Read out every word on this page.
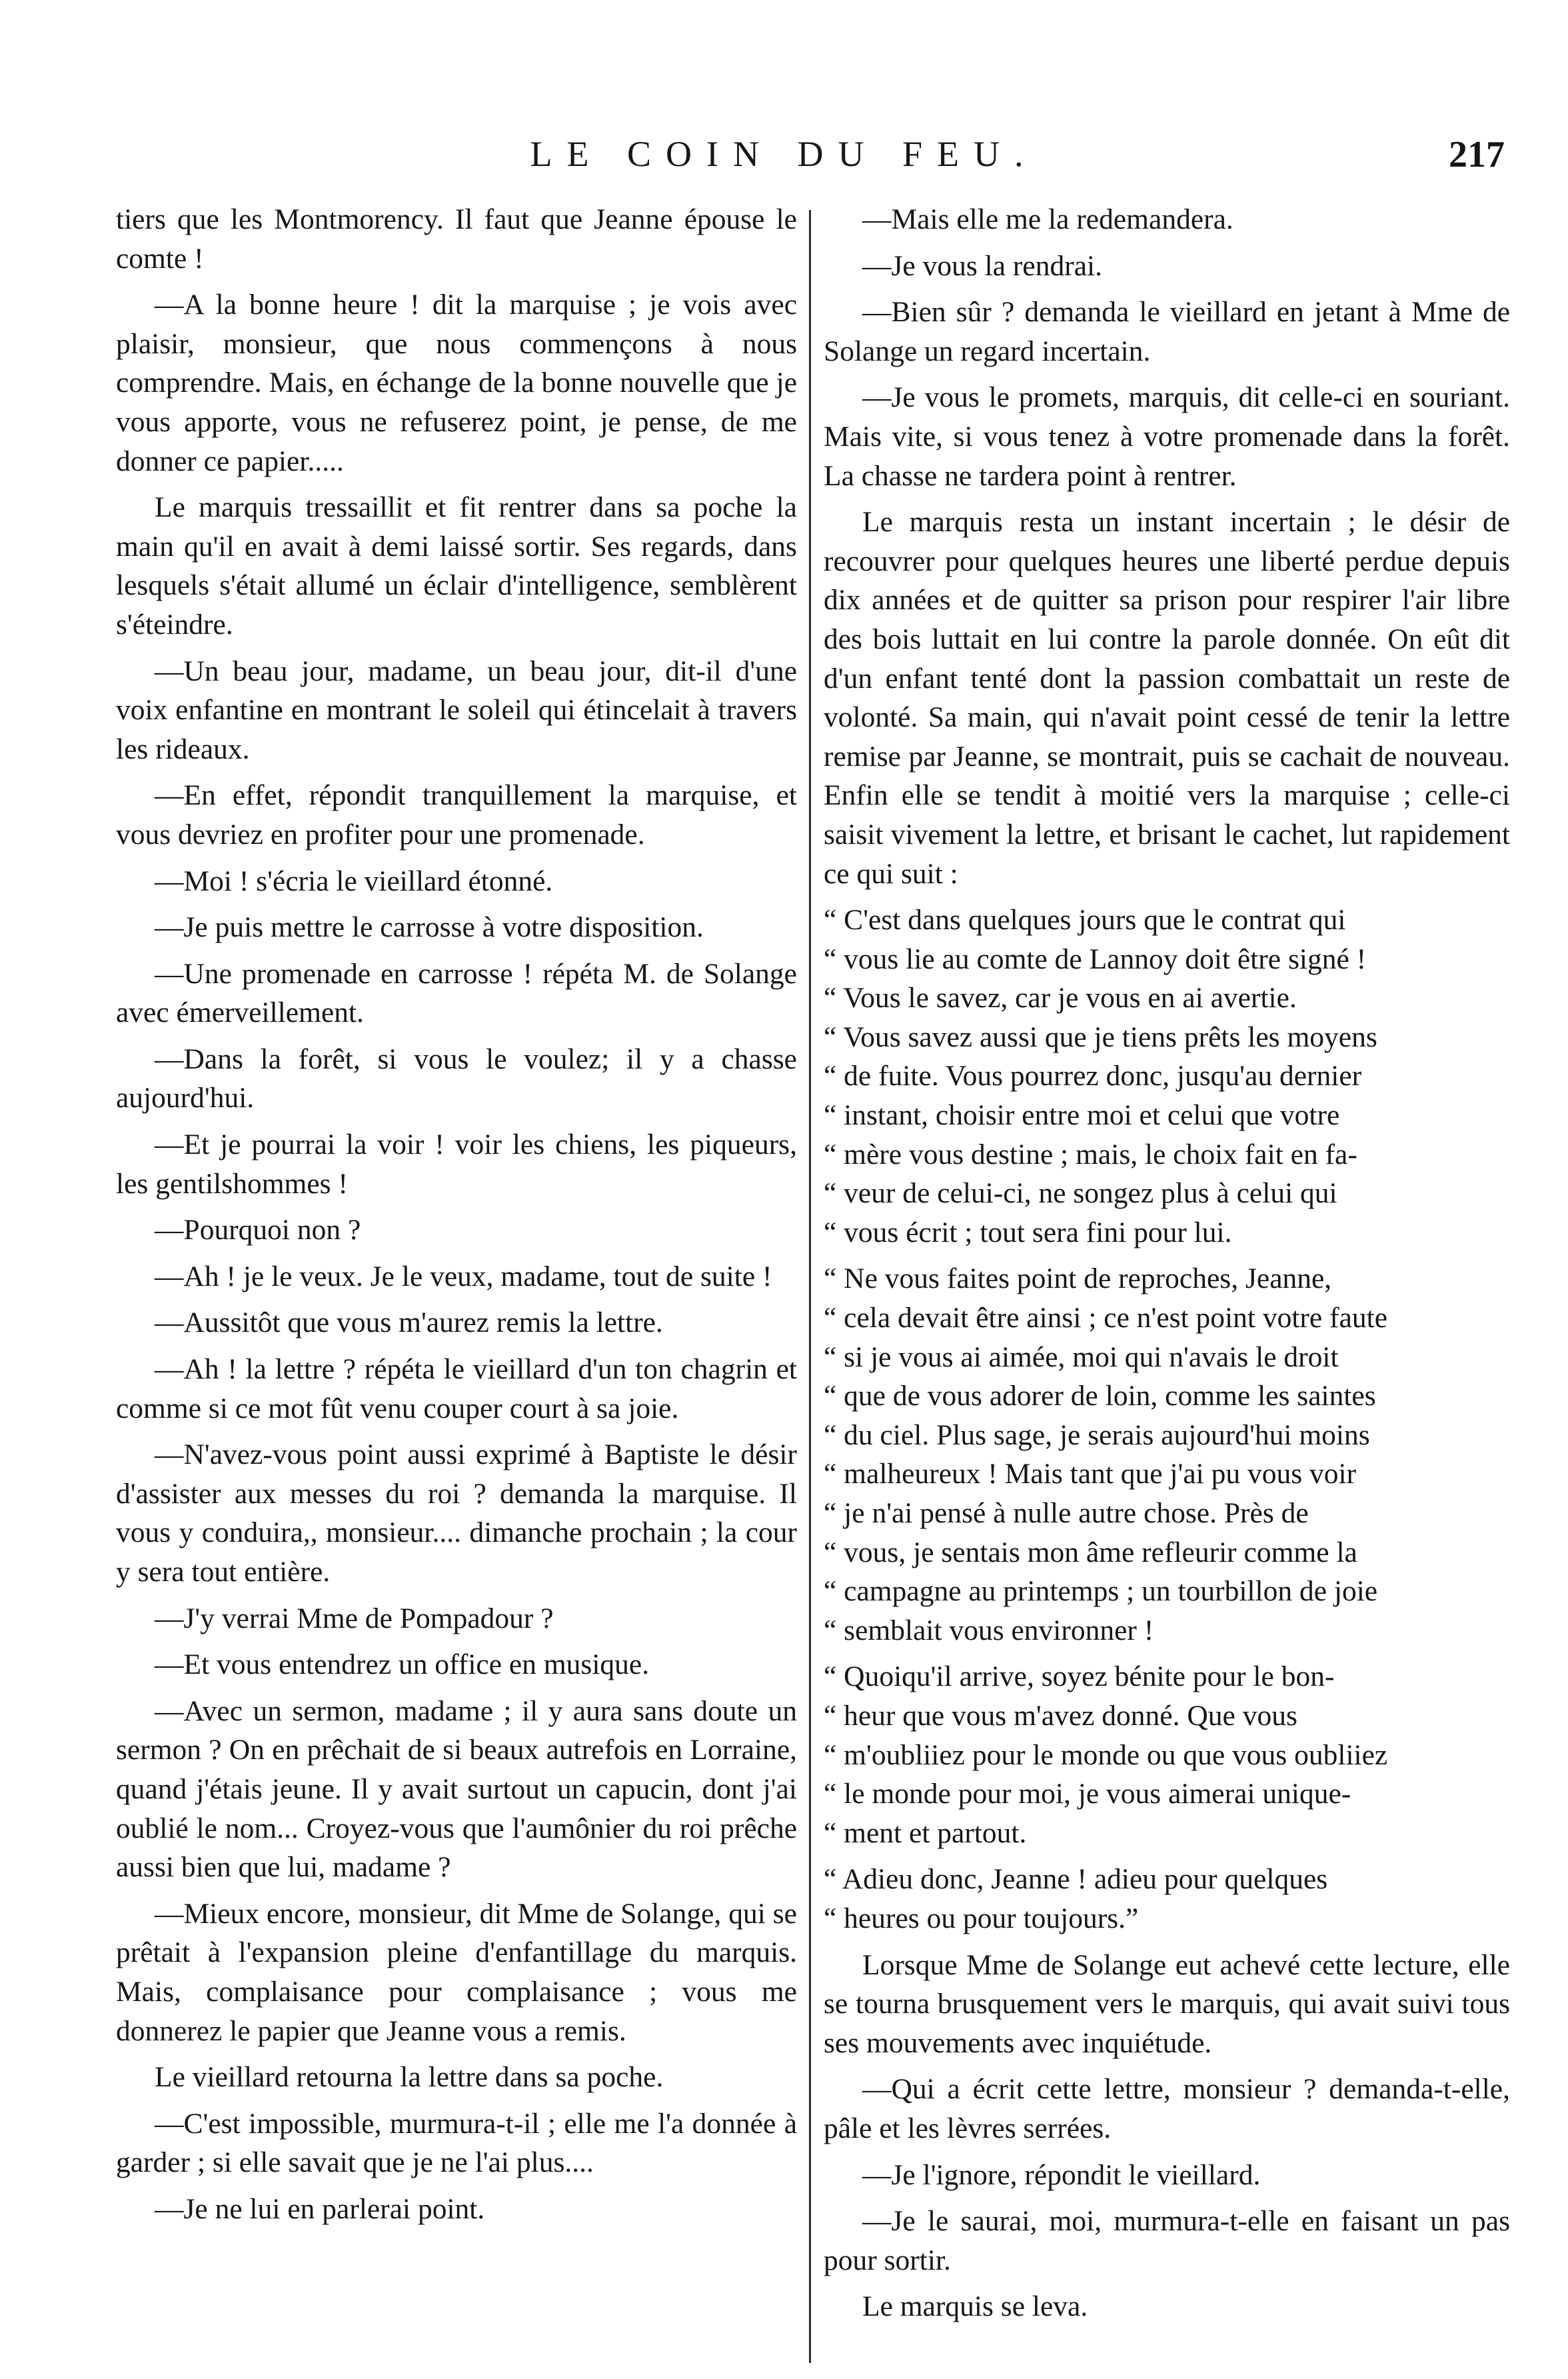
LE COIN DU FEU.	217

tiers que les Montmorency. Il faut que Jeanne épouse le comte !

—A la bonne heure ! dit la marquise ; je vois avec plaisir, monsieur, que nous commençons à nous comprendre. Mais, en échange de la bonne nouvelle que je vous apporte, vous ne refuserez point, je pense, de me donner ce papier.....

Le marquis tressaillit et fit rentrer dans sa poche la main qu'il en avait à demi laissé sortir. Ses regards, dans lesquels s'était allumé un éclair d'intelligence, semblèrent s'éteindre.

—Un beau jour, madame, un beau jour, dit-il d'une voix enfantine en montrant le soleil qui étincelait à travers les rideaux.

—En effet, répondit tranquillement la marquise, et vous devriez en profiter pour une promenade.

—Moi ! s'écria le vieillard étonné.

—Je puis mettre le carrosse à votre disposition.

—Une promenade en carrosse ! répéta M. de Solange avec émerveillement.

—Dans la forêt, si vous le voulez; il y a chasse aujourd'hui.

—Et je pourrai la voir ! voir les chiens, les piqueurs, les gentilshommes !

—Pourquoi non ?

—Ah ! je le veux. Je le veux, madame, tout de suite !

—Aussitôt que vous m'aurez remis la lettre.

—Ah ! la lettre ? répéta le vieillard d'un ton chagrin et comme si ce mot fût venu couper court à sa joie.

—N'avez-vous point aussi exprimé à Baptiste le désir d'assister aux messes du roi ? demanda la marquise. Il vous y conduira,, monsieur.... dimanche prochain ; la cour y sera tout entière.

—J'y verrai Mme de Pompadour ?

—Et vous entendrez un office en musique.

—Avec un sermon, madame ; il y aura sans doute un sermon ? On en prêchait de si beaux autrefois en Lorraine, quand j'étais jeune. Il y avait surtout un capucin, dont j'ai oublié le nom... Croyez-vous que l'aumônier du roi prêche aussi bien que lui, madame ?

—Mieux encore, monsieur, dit Mme de Solange, qui se prêtait à l'expansion pleine d'enfantillage du marquis. Mais, complaisance pour complaisance ; vous me donnerez le papier que Jeanne vous a remis.

Le vieillard retourna la lettre dans sa poche.

—C'est impossible, murmura-t-il ; elle me l'a donnée à garder ; si elle savait que je ne l'ai plus....

—Je ne lui en parlerai point.

—Mais elle me la redemandera.

—Je vous la rendrai.

—Bien sûr ? demanda le vieillard en jetant à Mme de Solange un regard incertain.

—Je vous le promets, marquis, dit celle-ci en souriant. Mais vite, si vous tenez à votre promenade dans la forêt. La chasse ne tardera point à rentrer.

Le marquis resta un instant incertain ; le désir de recouvrer pour quelques heures une liberté perdue depuis dix années et de quitter sa prison pour respirer l'air libre des bois luttait en lui contre la parole donnée. On eût dit d'un enfant tenté dont la passion combattait un reste de volonté. Sa main, qui n'avait point cessé de tenir la lettre remise par Jeanne, se montrait, puis se cachait de nouveau. Enfin elle se tendit à moitié vers la marquise ; celle-ci saisit vivement la lettre, et brisant le cachet, lut rapidement ce qui suit :

“ C'est dans quelques jours que le contrat qui
“ vous lie au comte de Lannoy doit être signé !
“ Vous le savez, car je vous en ai avertie.
“ Vous savez aussi que je tiens prêts les moyens
“ de fuite. Vous pourrez donc, jusqu'au dernier
“ instant, choisir entre moi et celui que votre
“ mère vous destine ; mais, le choix fait en fa-
“ veur de celui-ci, ne songez plus à celui qui
“ vous écrit ; tout sera fini pour lui.
“ Ne vous faites point de reproches, Jeanne,
“ cela devait être ainsi ; ce n'est point votre faute
“ si je vous ai aimée, moi qui n'avais le droit
“ que de vous adorer de loin, comme les saintes
“ du ciel. Plus sage, je serais aujourd'hui moins
“ malheureux ! Mais tant que j'ai pu vous voir
“ je n'ai pensé à nulle autre chose. Près de
“ vous, je sentais mon âme refleurir comme la
“ campagne au printemps ; un tourbillon de joie
“ semblait vous environner !
“ Quoiqu'il arrive, soyez bénite pour le bon-
“ heur que vous m'avez donné. Que vous
“ m'oubliiez pour le monde ou que vous oubliiez
“ le monde pour moi, je vous aimerai unique-
“ ment et partout.
“ Adieu donc, Jeanne ! adieu pour quelques
“ heures ou pour toujours.”

Lorsque Mme de Solange eut achevé cette lecture, elle se tourna brusquement vers le marquis, qui avait suivi tous ses mouvements avec inquiétude.

—Qui a écrit cette lettre, monsieur ? demanda-t-elle, pâle et les lèvres serrées.

—Je l'ignore, répondit le vieillard.

—Je le saurai, moi, murmura-t-elle en faisant un pas pour sortir.

Le marquis se leva.
